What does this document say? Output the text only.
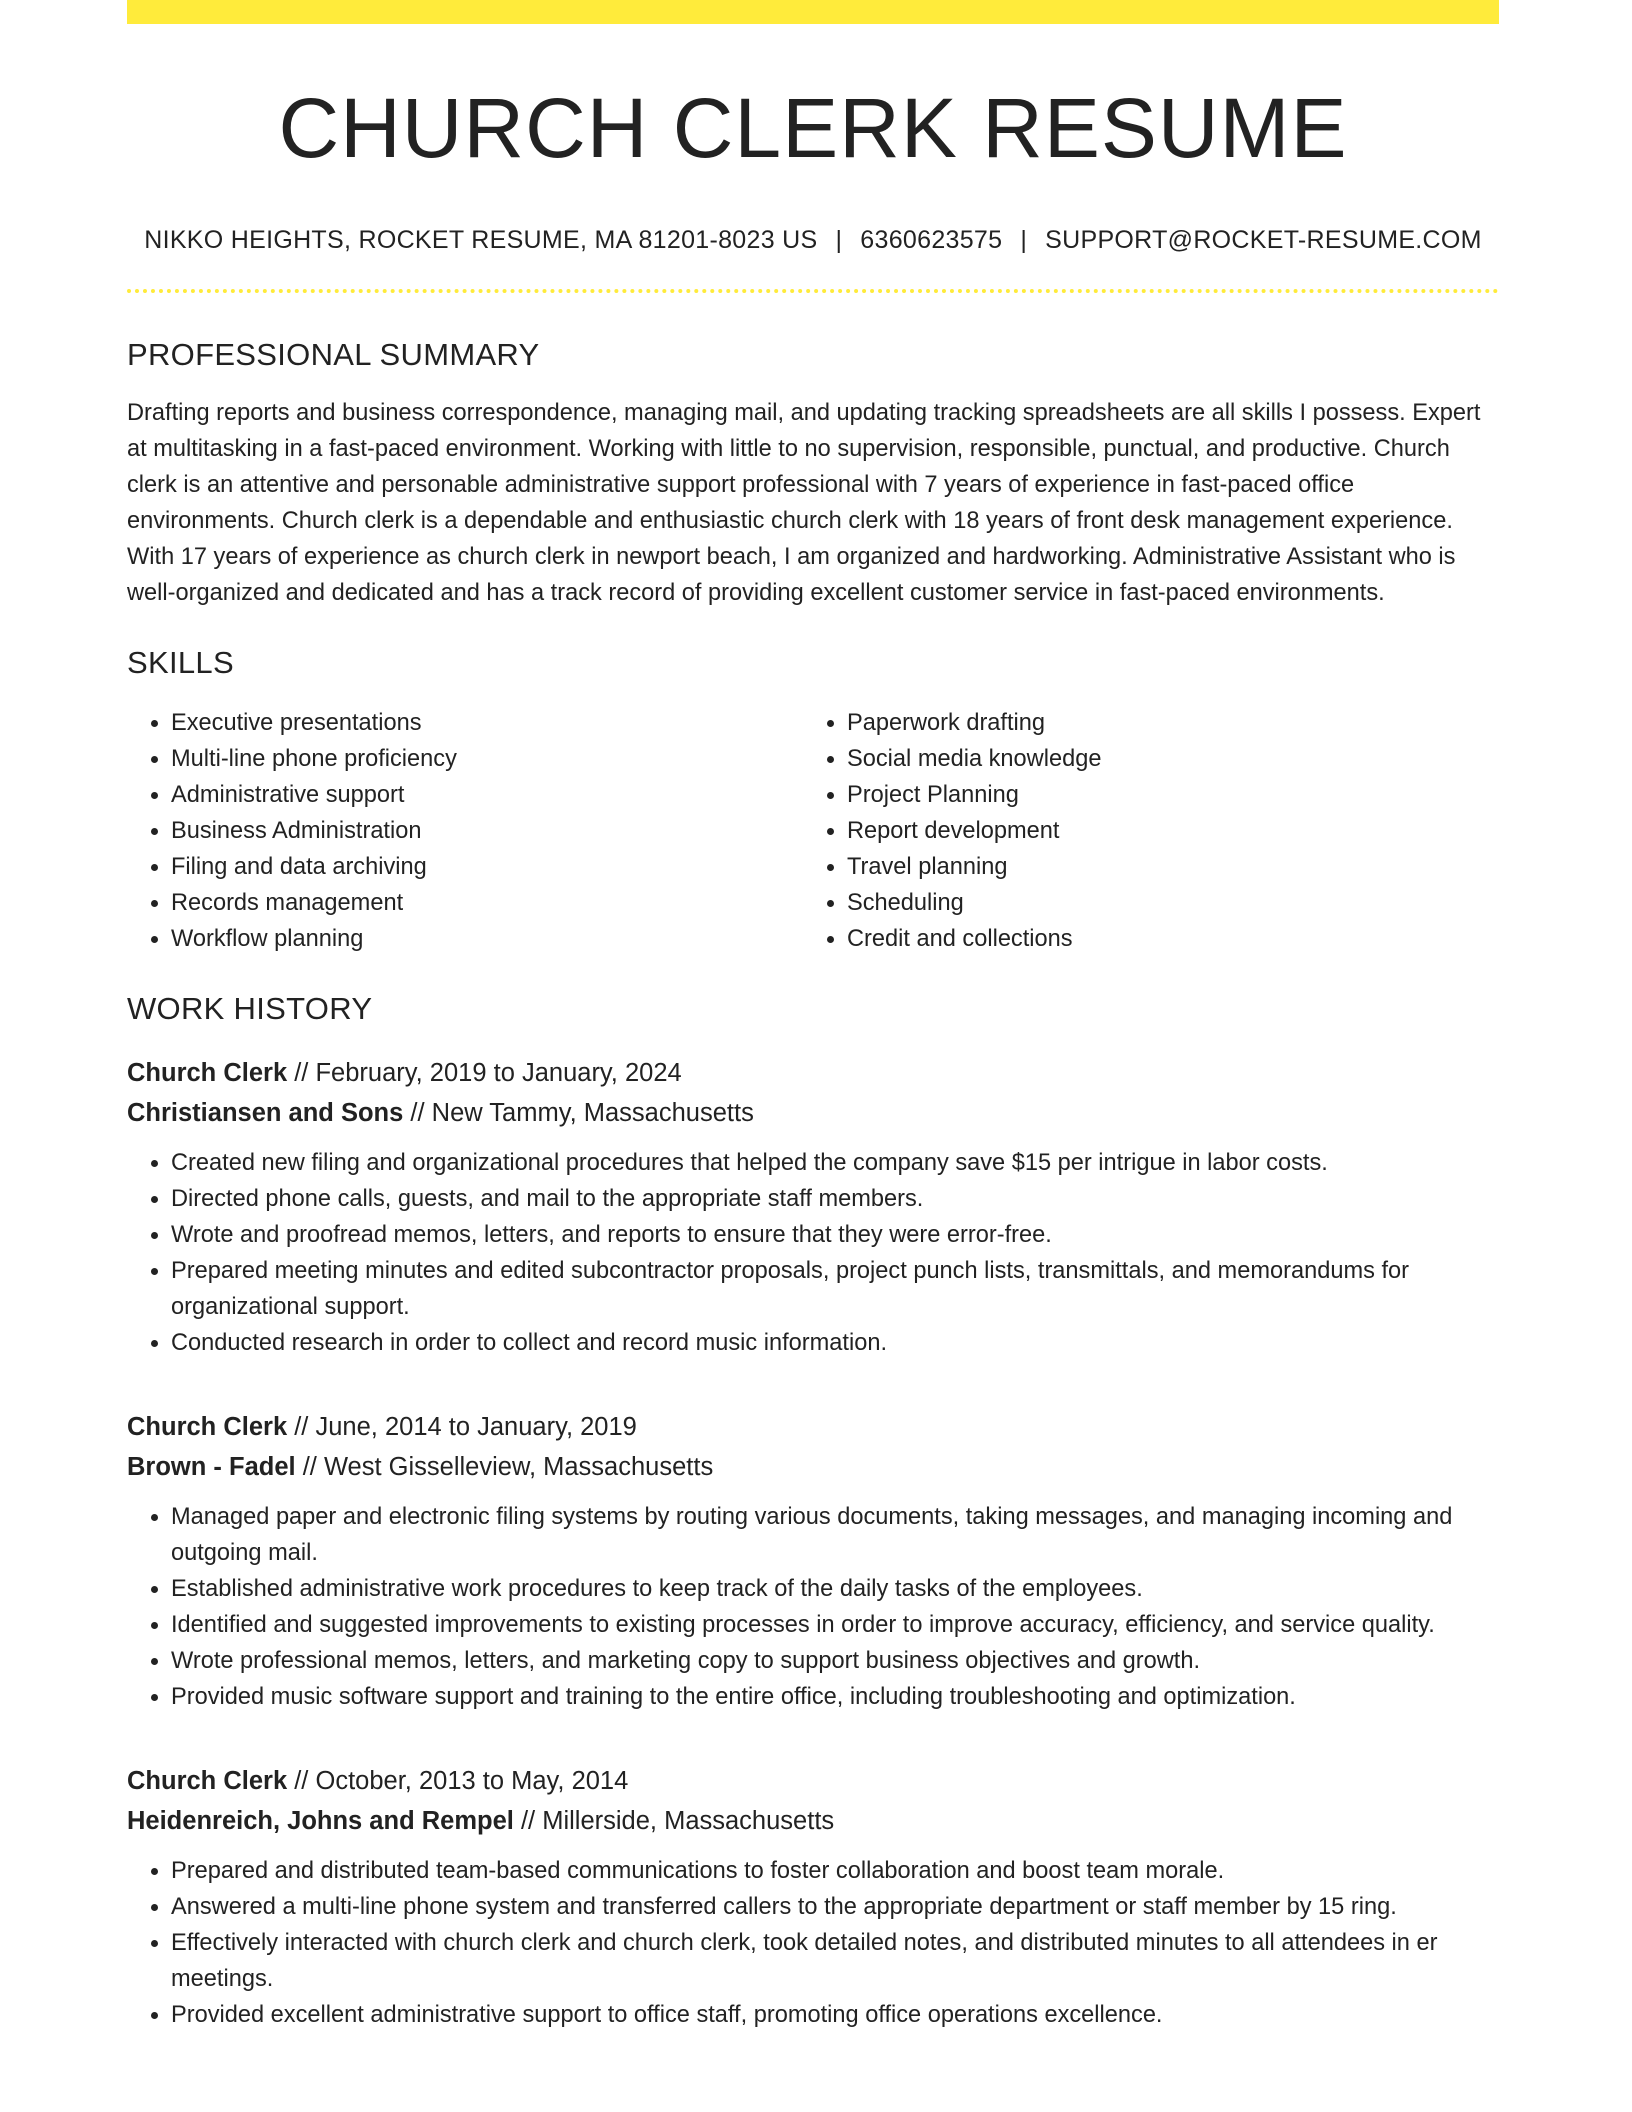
CHURCH CLERK RESUME
NIKKO HEIGHTS, ROCKET RESUME, MA 81201-8023 US | 6360623575 | SUPPORT@ROCKET-RESUME.COM
PROFESSIONAL SUMMARY

Drafting reports and business correspondence, managing mail, and updating tracking spreadsheets are all skills I possess. Expert at multitasking in a fast-paced environment. Working with little to no supervision, responsible, punctual, and productive. Church clerk is an attentive and personable administrative support professional with 7 years of experience in fast-paced office environments. Church clerk is a dependable and enthusiastic church clerk with 18 years of front desk management experience. With 17 years of experience as church clerk in newport beach, I am organized and hardworking. Administrative Assistant who is well-organized and dedicated and has a track record of providing excellent customer service in fast-paced environments.

SKILLS
• Executive presentations
• Multi-line phone proficiency
• Administrative support
• Business Administration
• Filing and data archiving
• Records management
• Workflow planning
• Paperwork drafting
• Social media knowledge
• Project Planning
• Report development
• Travel planning
• Scheduling
• Credit and collections
WORK HISTORY
Church Clerk // February, 2019 to January, 2024
Christiansen and Sons // New Tammy, Massachusetts
• Created new filing and organizational procedures that helped the company save $15 per intrigue in labor costs.
• Directed phone calls, guests, and mail to the appropriate staff members.
• Wrote and proofread memos, letters, and reports to ensure that they were error-free.
• Prepared meeting minutes and edited subcontractor proposals, project punch lists, transmittals, and memorandums for organizational support.
• Conducted research in order to collect and record music information.
Church Clerk // June, 2014 to January, 2019
Brown - Fadel // West Gisselleview, Massachusetts
• Managed paper and electronic filing systems by routing various documents, taking messages, and managing incoming and outgoing mail.
• Established administrative work procedures to keep track of the daily tasks of the employees.
• Identified and suggested improvements to existing processes in order to improve accuracy, efficiency, and service quality.
• Wrote professional memos, letters, and marketing copy to support business objectives and growth.
• Provided music software support and training to the entire office, including troubleshooting and optimization.
Church Clerk // October, 2013 to May, 2014
Heidenreich, Johns and Rempel // Millerside, Massachusetts
• Prepared and distributed team-based communications to foster collaboration and boost team morale.
• Answered a multi-line phone system and transferred callers to the appropriate department or staff member by 15 ring.
• Effectively interacted with church clerk and church clerk, took detailed notes, and distributed minutes to all attendees in er meetings.
• Provided excellent administrative support to office staff, promoting office operations excellence.
